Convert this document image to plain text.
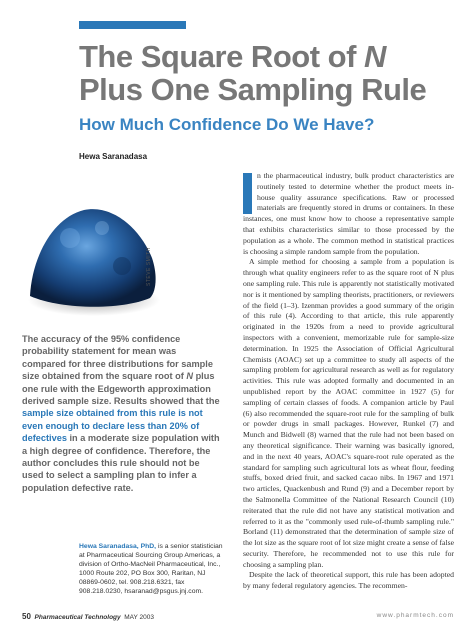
The Square Root of N
Plus One Sampling Rule
How Much Confidence Do We Have?
Hewa Saranadasa
STEVE SMITH
The accuracy of the 95% confidence probability statement for mean was compared for three distributions for sample size obtained from the square root of N plus one rule with the Edgeworth approximation derived sample size. Results showed that the sample size obtained from this rule is not even enough to declare less than 20% of defectives in a moderate size population with a high degree of confidence. Therefore, the author concludes this rule should not be used to select a sampling plan to infer a population defective rate.
Hewa Saranadasa, PhD, is a senior statistician at Pharmaceutical Sourcing Group Americas, a division of Ortho-MacNeil Pharmaceutical, Inc., 1000 Route 202, PO Box 300, Raritan, NJ 08869-0602, tel. 908.218.6321, fax 908.218.0230, hsaranad@psgus.jnj.com.

n the pharmaceutical industry, bulk product characteristics are routinely tested to determine whether the product meets in-house quality assurance specifications. Raw or processed materials are frequently stored in drums or containers. In these instances, one must know how to choose a representative sample that exhibits characteristics similar to those processed by the population as a whole. The common method in statistical practices is choosing a simple random sample from the population.

A simple method for choosing a sample from a population is through what quality engineers refer to as the square root of N plus one sampling rule. This rule is apparently not statistically motivated nor is it mentioned by sampling theorists, practitioners, or reviewers of the field (1–3). Izenman provides a good summary of the origin of this rule (4). According to that article, this rule apparently originated in the 1920s from a need to provide agricultural inspectors with a convenient, memorizable rule for sample-size determination. In 1925 the Association of Official Agricultural Chemists (AOAC) set up a committee to study all aspects of the sampling problem for agricultural research as well as for regulatory activities. This rule was adopted formally and documented in an unpublished report by the AOAC committee in 1927 (5) for sampling of certain classes of foods. A companion article by Paul (6) also recommended the square-root rule for the sampling of bulk or powder drugs in small packages. However, Runkel (7) and Munch and Bidwell (8) warned that the rule had not been based on any theoretical significance. Their warning was basically ignored, and in the next 40 years, AOAC's square-root rule operated as the standard for sampling such agricultural lots as wheat flour, feeding stuffs, boxed dried fruit, and sacked cacao nibs. In 1967 and 1971 two articles, Quackenbush and Rund (9) and a December report by the Salmonella Committee of the National Research Council (10) reiterated that the rule did not have any statistical motivation and referred to it as the "commonly used rule-of-thumb sampling rule." Borland (11) demonstrated that the determination of sample size of the lot size as the square root of lot size might create a sense of false security. Therefore, he recommended not to use this rule for choosing a sampling plan.

Despite the lack of theoretical support, this rule has been adopted by many federal regulatory agencies. The recommen-

50 Pharmaceutical Technology MAY 2003	www.pharmtech.com
